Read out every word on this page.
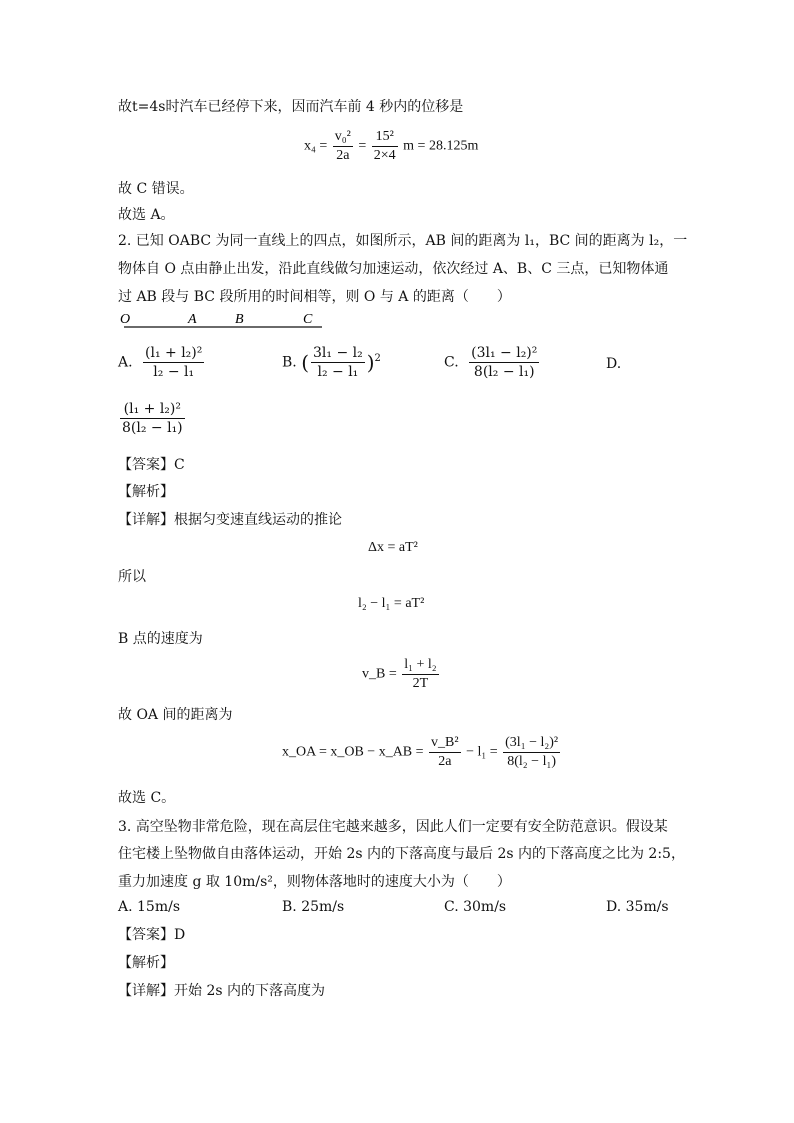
故t=4s时汽车已经停下来，因而汽车前 4 秒内的位移是
$x_4 = \frac{\text{v₀²}}{2a} = \frac{\text{15²}}{2\times 4}$ m = 28.125m
故 C 错误。
故选 A。
2. 已知 OABC 为同一直线上的四点，如图所示，AB 间的距离为 l₁，BC 间的距离为 l₂，一
物体自 O 点由静止出发，沿此直线做匀加速运动，依次经过 A、B、C 三点，已知物体通
过 AB 段与 BC 段所用的时间相等，则 O 与 A 的距离（　　）
O	A	B	C
A. $\frac{\text{(l₁ + l₂)²}}{\text{l₂ − l₁}}$	B. ( $\frac{\text{3l₁ − l₂}}{\text{l₂ − l₁}} )^2$	C. $\frac{\text{(3l₁ − l₂)²}}{\text{8(l₂ − l₁)}}$	D.
$\frac{\text{(l₁ + l₂)²}}{\text{8(l₂ − l₁)}}$
【答案】C
【解析】
【详解】根据匀变速直线运动的推论
Δx = aT²
所以
l₂ − l₁ = aT²
B 点的速度为
v_B = $\frac{\text{l₁ + l₂}}{2T}$
故 OA 间的距离为
x_OA = x_OB − x_AB = $\frac{\text{v\_B²}}{2a} - l_1 = \frac{\text{(3l₁ − l₂)²}}{\text{8(l₂ − l₁)}}$
故选 C。
3. 高空坠物非常危险，现在高层住宅越来越多，因此人们一定要有安全防范意识。假设某
住宅楼上坠物做自由落体运动，开始 2s 内的下落高度与最后 2s 内的下落高度之比为 2:5，
重力加速度 g 取 10m/s²，则物体落地时的速度大小为（　　）
A. 15m/s	B. 25m/s	C. 30m/s	D. 35m/s
【答案】D
【解析】
【详解】开始 2s 内的下落高度为
